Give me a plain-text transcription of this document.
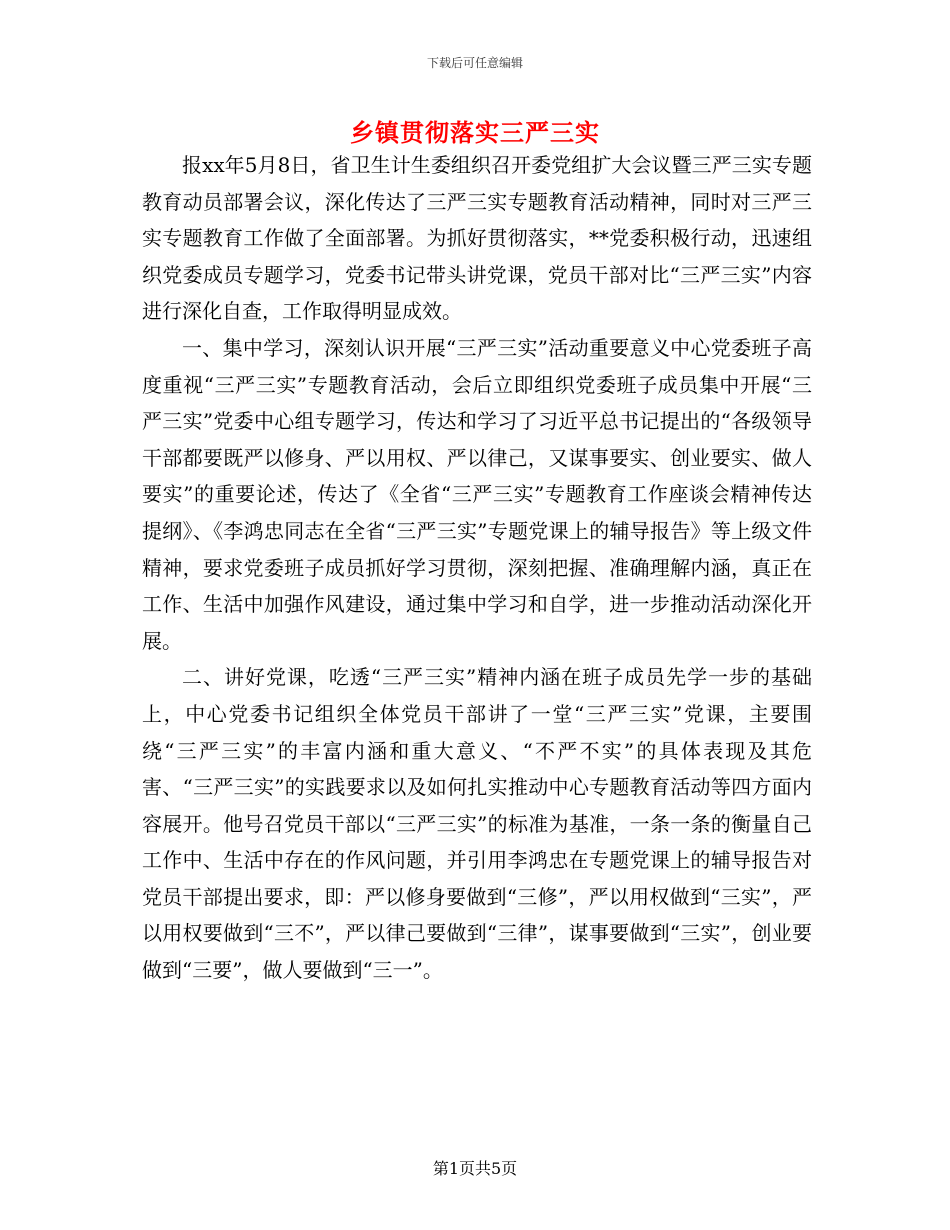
下载后可任意编辑
乡镇贯彻落实三严三实

报xx年5月8日，省卫生计生委组织召开委党组扩大会议暨三严三实专题教育动员部署会议，深化传达了三严三实专题教育活动精神，同时对三严三实专题教育工作做了全面部署。为抓好贯彻落实，**党委积极行动，迅速组织党委成员专题学习，党委书记带头讲党课，党员干部对比“三严三实”内容进行深化自查，工作取得明显成效。

一、集中学习，深刻认识开展“三严三实”活动重要意义中心党委班子高度重视“三严三实”专题教育活动，会后立即组织党委班子成员集中开展“三严三实”党委中心组专题学习，传达和学习了习近平总书记提出的“各级领导干部都要既严以修身、严以用权、严以律己，又谋事要实、创业要实、做人要实”的重要论述，传达了《全省“三严三实”专题教育工作座谈会精神传达提纲》、《李鸿忠同志在全省“三严三实”专题党课上的辅导报告》等上级文件精神，要求党委班子成员抓好学习贯彻，深刻把握、准确理解内涵，真正在工作、生活中加强作风建设，通过集中学习和自学，进一步推动活动深化开展。

二、讲好党课，吃透“三严三实”精神内涵在班子成员先学一步的基础上，中心党委书记组织全体党员干部讲了一堂“三严三实”党课，主要围绕“三严三实”的丰富内涵和重大意义、“不严不实”的具体表现及其危害、“三严三实”的实践要求以及如何扎实推动中心专题教育活动等四方面内容展开。他号召党员干部以“三严三实”的标准为基准，一条一条的衡量自己工作中、生活中存在的作风问题，并引用李鸿忠在专题党课上的辅导报告对党员干部提出要求，即：严以修身要做到“三修”，严以用权做到“三实”，严以用权要做到“三不”，严以律己要做到“三律”，谋事要做到“三实”，创业要做到“三要”，做人要做到“三一”。

第1页共5页
